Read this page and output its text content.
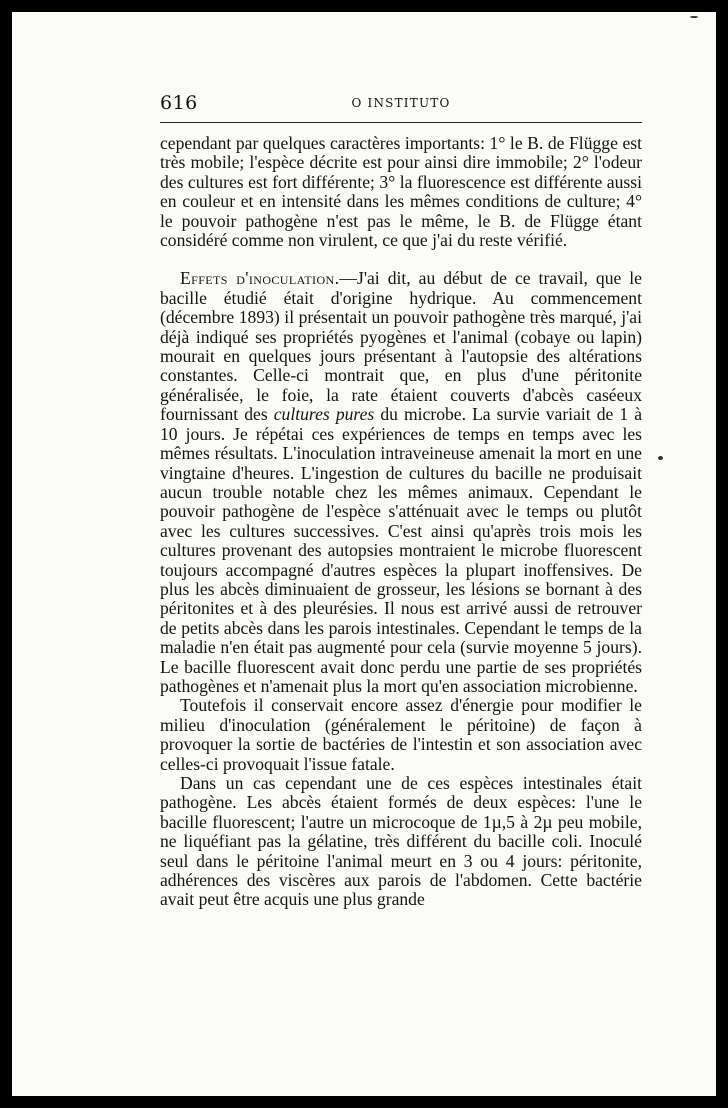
616	O INSTITUTO

cependant par quelques caractères importants: 1° le B. de Flügge est très mobile; l'espèce décrite est pour ainsi dire immobile; 2° l'odeur des cultures est fort différente; 3° la fluorescence est différente aussi en couleur et en intensité dans les mêmes conditions de culture; 4° le pouvoir pathogène n'est pas le même, le B. de Flügge étant considéré comme non virulent, ce que j'ai du reste vérifié.

Effets d'inoculation.—J'ai dit, au début de ce travail, que le bacille étudié était d'origine hydrique. Au commencement (décembre 1893) il présentait un pouvoir pathogène très marqué, j'ai déjà indiqué ses propriétés pyogènes et l'animal (cobaye ou lapin) mourait en quelques jours présentant à l'autopsie des altérations constantes. Celle-ci montrait que, en plus d'une péritonite généralisée, le foie, la rate étaient couverts d'abcès caséeux fournissant des cultures pures du microbe. La survie variait de 1 à 10 jours. Je répétai ces expériences de temps en temps avec les mêmes résultats. L'inoculation intraveineuse amenait la mort en une vingtaine d'heures. L'ingestion de cultures du bacille ne produisait aucun trouble notable chez les mêmes animaux. Cependant le pouvoir pathogène de l'espèce s'atténuait avec le temps ou plutôt avec les cultures successives. C'est ainsi qu'après trois mois les cultures provenant des autopsies montraient le microbe fluorescent toujours accompagné d'autres espèces la plupart inoffensives. De plus les abcès diminuaient de grosseur, les lésions se bornant à des péritonites et à des pleurésies. Il nous est arrivé aussi de retrouver de petits abcès dans les parois intestinales. Cependant le temps de la maladie n'en était pas augmenté pour cela (survie moyenne 5 jours). Le bacille fluorescent avait donc perdu une partie de ses propriétés pathogènes et n'amenait plus la mort qu'en association microbienne.

Toutefois il conservait encore assez d'énergie pour modifier le milieu d'inoculation (généralement le péritoine) de façon à provoquer la sortie de bactéries de l'intestin et son association avec celles-ci provoquait l'issue fatale.

Dans un cas cependant une de ces espèces intestinales était pathogène. Les abcès étaient formés de deux espèces: l'une le bacille fluorescent; l'autre un microcoque de 1µ,5 à 2µ peu mobile, ne liquéfiant pas la gélatine, très différent du bacille coli. Inoculé seul dans le péritoine l'animal meurt en 3 ou 4 jours: péritonite, adhérences des viscères aux parois de l'abdomen. Cette bactérie avait peut être acquis une plus grande
